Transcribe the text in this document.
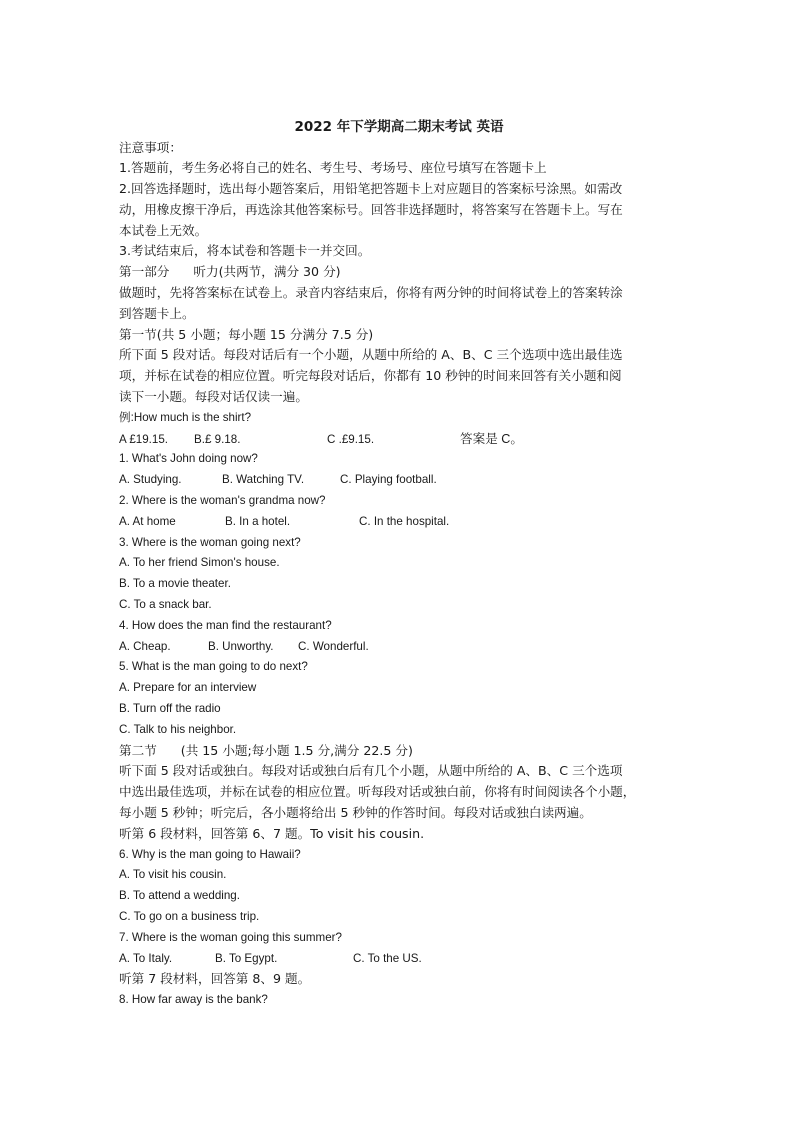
2022 年下学期高二期末考试 英语
注意事项：
1.答题前，考生务必将自己的姓名、考生号、考场号、座位号填写在答题卡上
2.回答选择题时，选出每小题答案后，用铅笔把答题卡上对应题目的答案标号涂黑。如需改
动，用橡皮擦干净后，再选涂其他答案标号。回答非选择题时，将答案写在答题卡上。写在
本试卷上无效。
3.考试结束后，将本试卷和答题卡一并交回。
第一部分 听力(共两节，满分 30 分)
做题时，先将答案标在试卷上。录音内容结束后，你将有两分钟的时间将试卷上的答案转涂
到答题卡上。
第一节(共 5 小题；每小题 15 分满分 7.5 分)
所下面 5 段对话。每段对话后有一个小题，从题中所给的 A、B、C 三个选项中选出最佳选
项，并标在试卷的相应位置。听完每段对话后，你都有 10 秒钟的时间来回答有关小题和阅
读下一小题。每段对话仅读一遍。
例:How much is the shirt?
A £19.15.	B.£ 9.18.	C .£9.15.	答案是 C。
1. What's John doing now?
A. Studying.	B. Watching TV.	C. Playing football.
2. Where is the woman's grandma now?
A. At home	B. In a hotel.	C. In the hospital.
3. Where is the woman going next?
A. To her friend Simon's house.
B. To a movie theater.
C. To a snack bar.
4. How does the man find the restaurant?
A. Cheap.	B. Unworthy.	C. Wonderful.
5. What is the man going to do next?
A. Prepare for an interview
B. Turn off the radio
C. Talk to his neighbor.
第二节 (共 15 小题;每小题 1.5 分,满分 22.5 分)
听下面 5 段对话或独白。每段对话或独白后有几个小题，从题中所给的 A、B、C 三个选项
中选出最佳选项，并标在试卷的相应位置。听每段对话或独白前，你将有时间阅读各个小题，
每小题 5 秒钟；听完后，各小题将给出 5 秒钟的作答时间。每段对话或独白读两遍。
听第 6 段材料，回答第 6、7 题。To visit his cousin.
6. Why is the man going to Hawaii?
A. To visit his cousin.
B. To attend a wedding.
C. To go on a business trip.
7. Where is the woman going this summer?
A. To Italy.	B. To Egypt.	C. To the US.
听第 7 段材料，回答第 8、9 题。
8. How far away is the bank?
